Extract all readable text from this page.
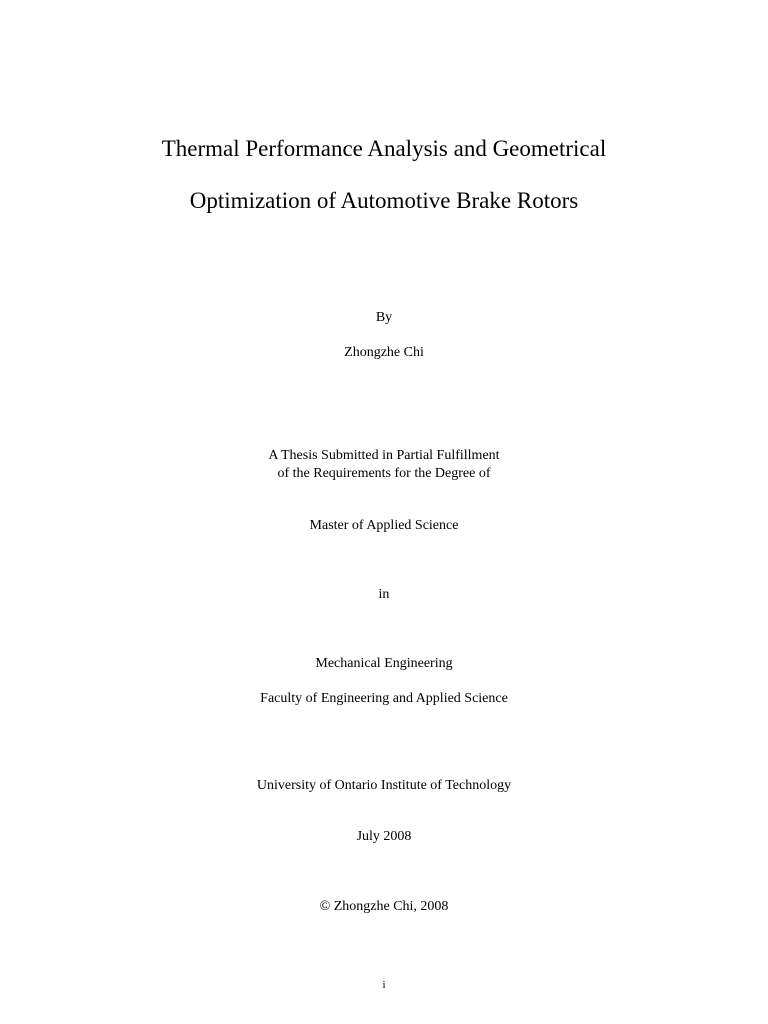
Thermal Performance Analysis and Geometrical
Optimization of Automotive Brake Rotors
By
Zhongzhe Chi
A Thesis Submitted in Partial Fulfillment
of the Requirements for the Degree of
Master of Applied Science
in
Mechanical Engineering
Faculty of Engineering and Applied Science
University of Ontario Institute of Technology
July 2008
© Zhongzhe Chi, 2008
i
